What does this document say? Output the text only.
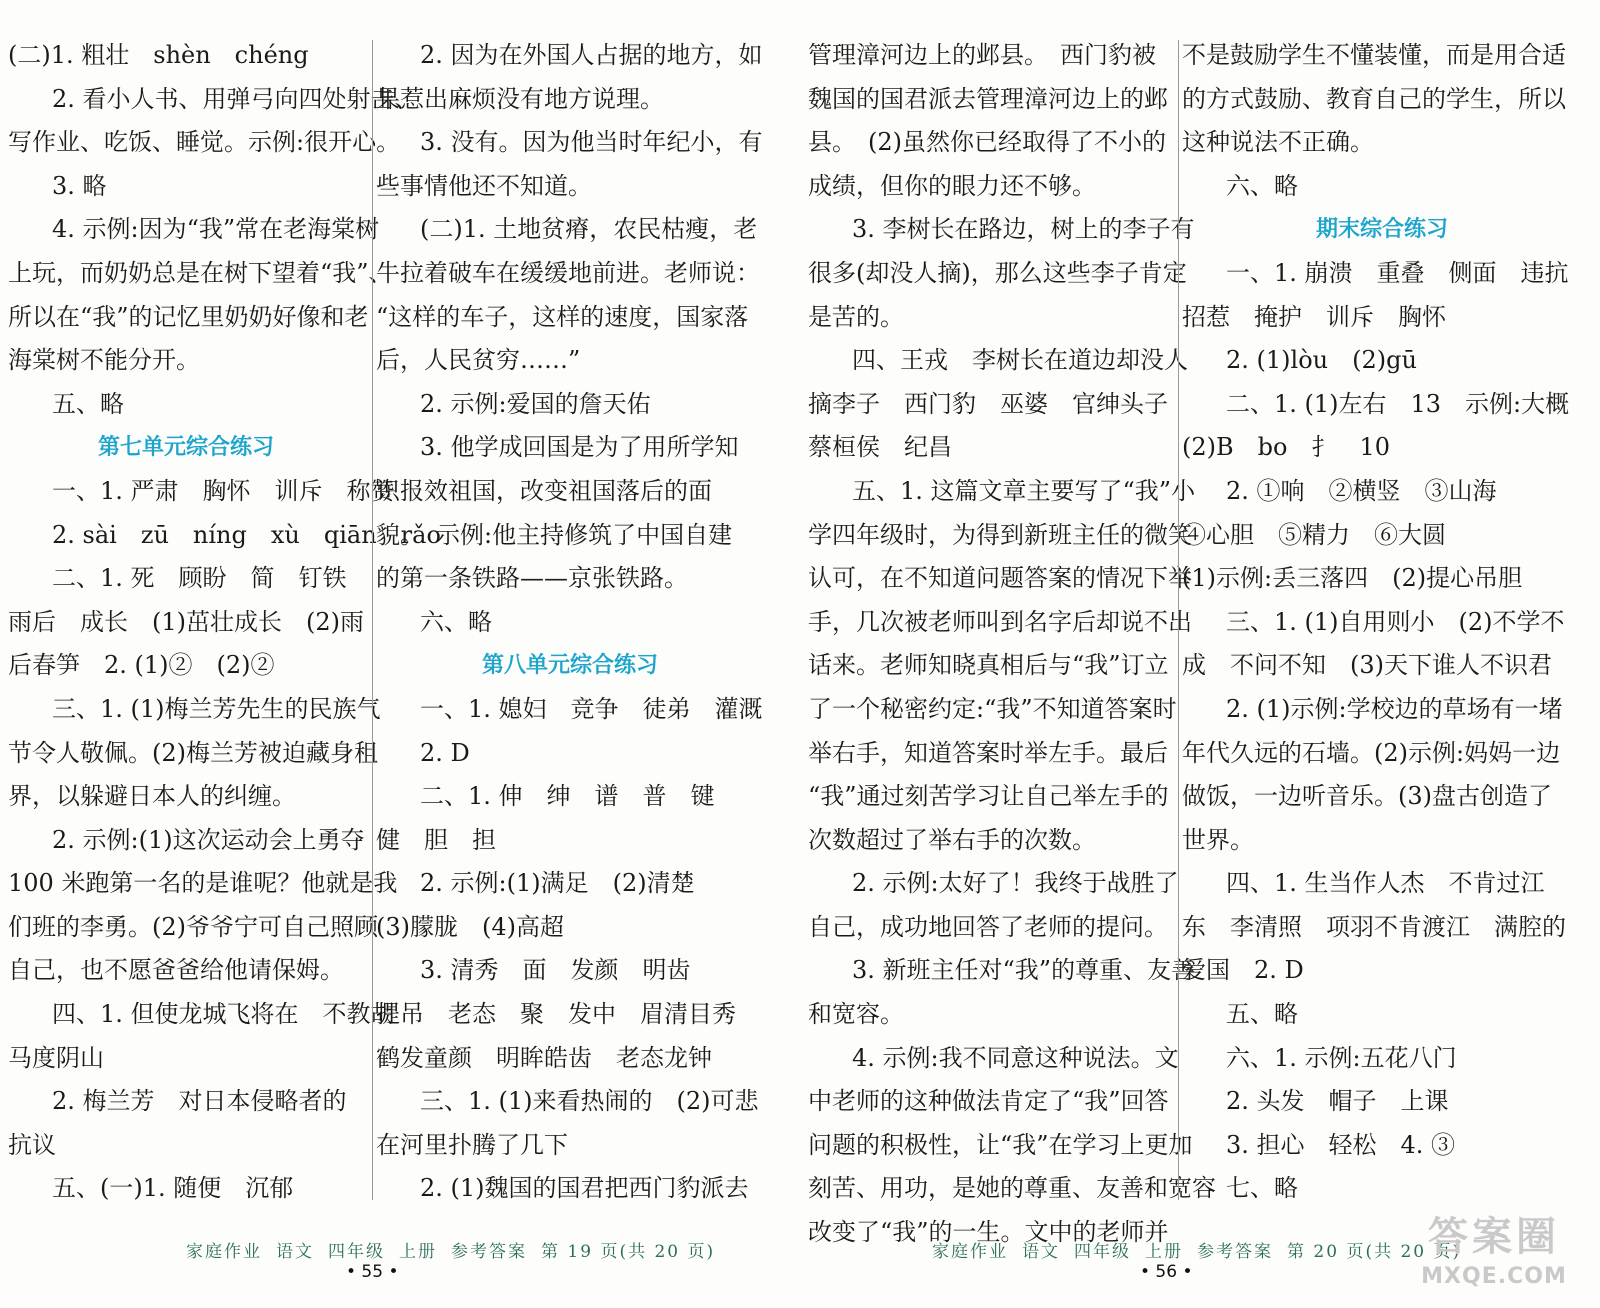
(二)1. 粗壮　shèn　chéng

2. 看小人书、用弹弓向四处射击、

写作业、吃饭、睡觉。示例:很开心。

3. 略

4. 示例:因为“我”常在老海棠树

上玩，而奶奶总是在树下望着“我”、

所以在“我”的记忆里奶奶好像和老

海棠树不能分开。

五、略

第七单元综合练习

一、1. 严肃　胸怀　训斥　称赞

2. sài　zū　níng　xù　qiān　rǎo

二、1. 死　顾盼　简　钉铁

雨后　成长　(1)茁壮成长　(2)雨

后春笋　2. (1)②　(2)②

三、1. (1)梅兰芳先生的民族气

节令人敬佩。(2)梅兰芳被迫藏身租

界，以躲避日本人的纠缠。

2. 示例:(1)这次运动会上勇夺

100 米跑第一名的是谁呢？他就是我

们班的李勇。(2)爷爷宁可自己照顾

自己，也不愿爸爸给他请保姆。

四、1. 但使龙城飞将在　不教胡

马度阴山

2. 梅兰芳　对日本侵略者的

抗议

五、(一)1. 随便　沉郁

2. 因为在外国人占据的地方，如

果惹出麻烦没有地方说理。

3. 没有。因为他当时年纪小，有

些事情他还不知道。

(二)1. 土地贫瘠，农民枯瘦，老

牛拉着破车在缓缓地前进。老师说：

“这样的车子，这样的速度，国家落

后，人民贫穷……”

2. 示例:爱国的詹天佑

3. 他学成回国是为了用所学知

识报效祖国，改变祖国落后的面

貌。　示例:他主持修筑了中国自建

的第一条铁路——京张铁路。

六、略

第八单元综合练习

一、1. 媳妇　竞争　徒弟　灌溉

2. D

二、1. 伸　绅　谱　普　键

健　胆　担

2. 示例:(1)满足　(2)清楚

(3)朦胧　(4)高超

3. 清秀　面　发颜　明齿

提吊　老态　聚　发中　眉清目秀

鹤发童颜　明眸皓齿　老态龙钟

三、1. (1)来看热闹的　(2)可悲

在河里扑腾了几下

2. (1)魏国的国君把西门豹派去

家庭作业 语文 四年级 上册 参考答案 第 19 页(共 20 页)
• 55 •

管理漳河边上的邺县。　西门豹被

魏国的国君派去管理漳河边上的邺

县。　(2)虽然你已经取得了不小的

成绩，但你的眼力还不够。

3. 李树长在路边，树上的李子有

很多(却没人摘)，那么这些李子肯定

是苦的。

四、王戎　李树长在道边却没人

摘李子　西门豹　巫婆　官绅头子

蔡桓侯　纪昌

五、1. 这篇文章主要写了“我”小

学四年级时，为得到新班主任的微笑

认可，在不知道问题答案的情况下举

手，几次被老师叫到名字后却说不出

话来。老师知晓真相后与“我”订立

了一个秘密约定:“我”不知道答案时

举右手，知道答案时举左手。最后

“我”通过刻苦学习让自己举左手的

次数超过了举右手的次数。

2. 示例:太好了！我终于战胜了

自己，成功地回答了老师的提问。

3. 新班主任对“我”的尊重、友善

和宽容。

4. 示例:我不同意这种说法。文

中老师的这种做法肯定了“我”回答

问题的积极性，让“我”在学习上更加

刻苦、用功，是她的尊重、友善和宽容

改变了“我”的一生。文中的老师并

不是鼓励学生不懂装懂，而是用合适

的方式鼓励、教育自己的学生，所以

这种说法不正确。

六、略

期末综合练习

一、1. 崩溃　重叠　侧面　违抗

招惹　掩护　训斥　胸怀

2. (1)lòu　(2)gū

二、1. (1)左右　13　示例:大概

(2)B　bo　扌　10

2. ①响　②横竖　③山海

④心胆　⑤精力　⑥大圆

(1)示例:丢三落四　(2)提心吊胆

三、1. (1)自用则小　(2)不学不

成　不问不知　(3)天下谁人不识君

2. (1)示例:学校边的草场有一堵

年代久远的石墙。(2)示例:妈妈一边

做饭，一边听音乐。(3)盘古创造了

世界。

四、1. 生当作人杰　不肯过江

东　李清照　项羽不肯渡江　满腔的

爱国　2. D

五、略

六、1. 示例:五花八门

2. 头发　帽子　上课

3. 担心　轻松　4. ③

七、略

家庭作业 语文 四年级 上册 参考答案 第 20 页(共 20 页)
• 56 •
答案圈
MXQE.COM
